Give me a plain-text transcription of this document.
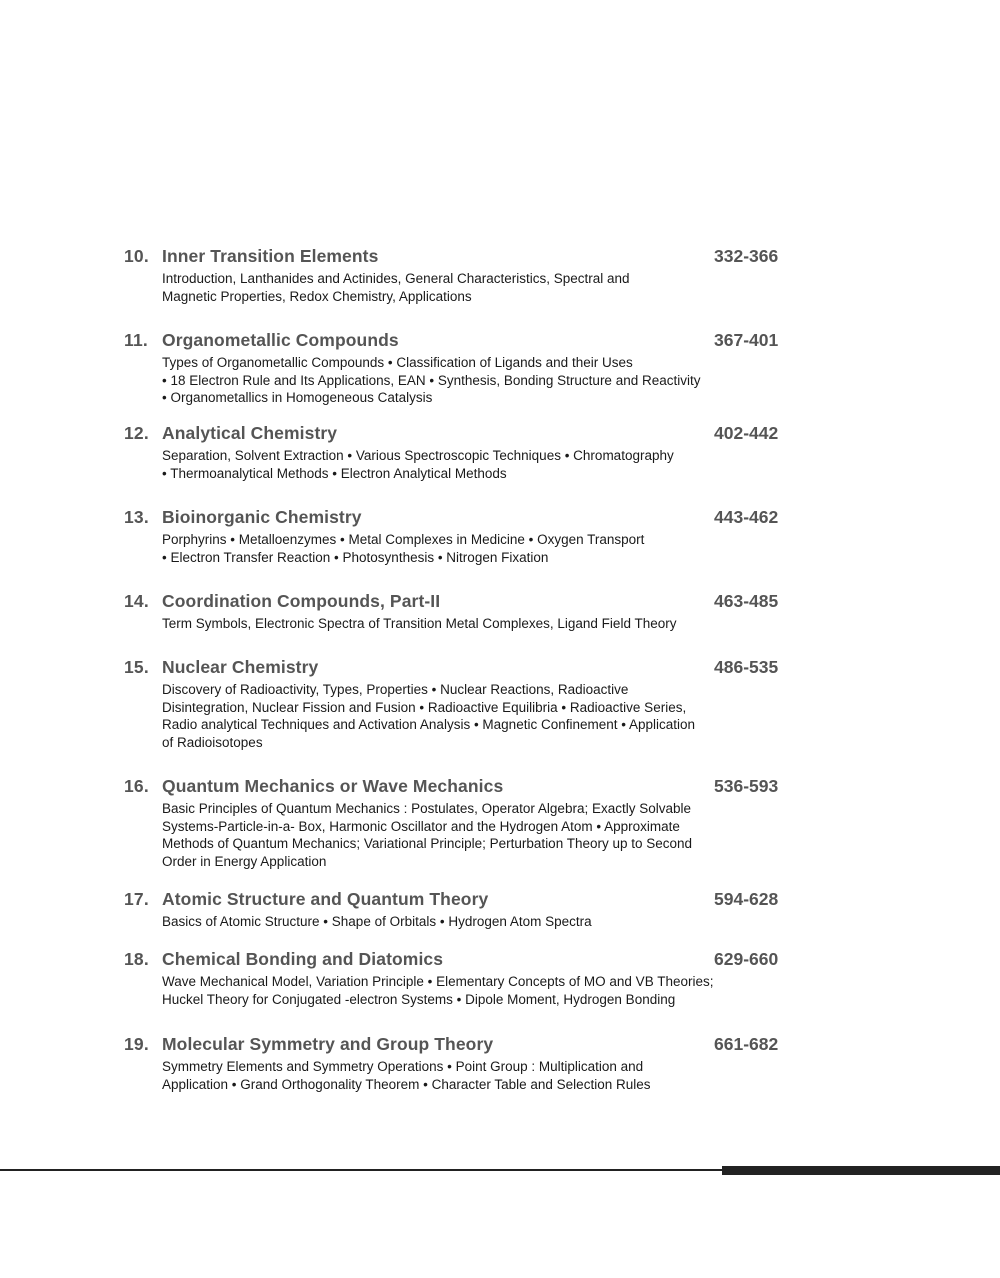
10. Inner Transition Elements	332-366
Introduction, Lanthanides and Actinides, General Characteristics, Spectral and
Magnetic Properties, Redox Chemistry, Applications
11. Organometallic Compounds	367-401
Types of Organometallic Compounds • Classification of Ligands and their Uses
• 18 Electron Rule and Its Applications, EAN • Synthesis, Bonding Structure and Reactivity
• Organometallics in Homogeneous Catalysis
12. Analytical Chemistry	402-442
Separation, Solvent Extraction • Various Spectroscopic Techniques • Chromatography
• Thermoanalytical Methods • Electron Analytical Methods
13. Bioinorganic Chemistry	443-462
Porphyrins • Metalloenzymes • Metal Complexes in Medicine • Oxygen Transport
• Electron Transfer Reaction • Photosynthesis • Nitrogen Fixation
14. Coordination Compounds, Part-II	463-485
Term Symbols, Electronic Spectra of Transition Metal Complexes, Ligand Field Theory
15. Nuclear Chemistry	486-535
Discovery of Radioactivity, Types, Properties • Nuclear Reactions, Radioactive
Disintegration, Nuclear Fission and Fusion • Radioactive Equilibria • Radioactive Series,
Radio analytical Techniques and Activation Analysis • Magnetic Confinement • Application
of Radioisotopes
16. Quantum Mechanics or Wave Mechanics	536-593
Basic Principles of Quantum Mechanics : Postulates, Operator Algebra; Exactly Solvable
Systems-Particle-in-a- Box, Harmonic Oscillator and the Hydrogen Atom • Approximate
Methods of Quantum Mechanics; Variational Principle; Perturbation Theory up to Second
Order in Energy Application
17. Atomic Structure and Quantum Theory	594-628
Basics of Atomic Structure • Shape of Orbitals • Hydrogen Atom Spectra
18. Chemical Bonding and Diatomics	629-660
Wave Mechanical Model, Variation Principle • Elementary Concepts of MO and VB Theories;
Huckel Theory for Conjugated -electron Systems • Dipole Moment, Hydrogen Bonding
19. Molecular Symmetry and Group Theory	661-682
Symmetry Elements and Symmetry Operations • Point Group : Multiplication and
Application • Grand Orthogonality Theorem • Character Table and Selection Rules
